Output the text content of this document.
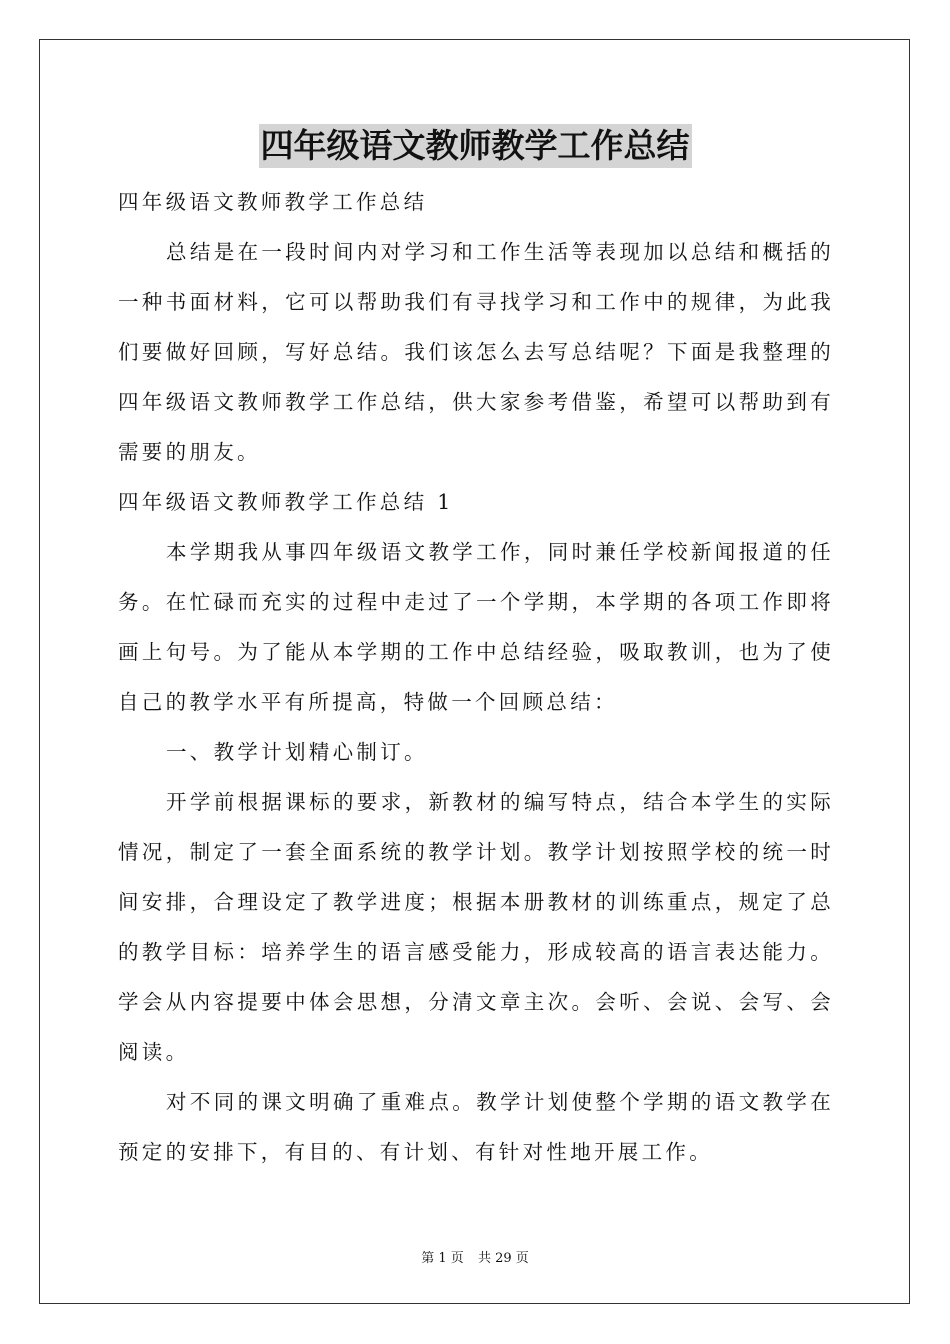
四年级语文教师教学工作总结

四年级语文教师教学工作总结

总结是在一段时间内对学习和工作生活等表现加以总结和概括的一种书面材料，它可以帮助我们有寻找学习和工作中的规律，为此我们要做好回顾，写好总结。我们该怎么去写总结呢？下面是我整理的四年级语文教师教学工作总结，供大家参考借鉴，希望可以帮助到有需要的朋友。

四年级语文教师教学工作总结 1

本学期我从事四年级语文教学工作，同时兼任学校新闻报道的任务。在忙碌而充实的过程中走过了一个学期，本学期的各项工作即将画上句号。为了能从本学期的工作中总结经验，吸取教训，也为了使自己的教学水平有所提高，特做一个回顾总结：

一、教学计划精心制订。

开学前根据课标的要求，新教材的编写特点，结合本学生的实际情况，制定了一套全面系统的教学计划。教学计划按照学校的统一时间安排，合理设定了教学进度；根据本册教材的训练重点，规定了总的教学目标：培养学生的语言感受能力，形成较高的语言表达能力。学会从内容提要中体会思想，分清文章主次。会听、会说、会写、会阅读。

对不同的课文明确了重难点。教学计划使整个学期的语文教学在预定的安排下，有目的、有计划、有针对性地开展工作。

第 1 页 共 29 页
